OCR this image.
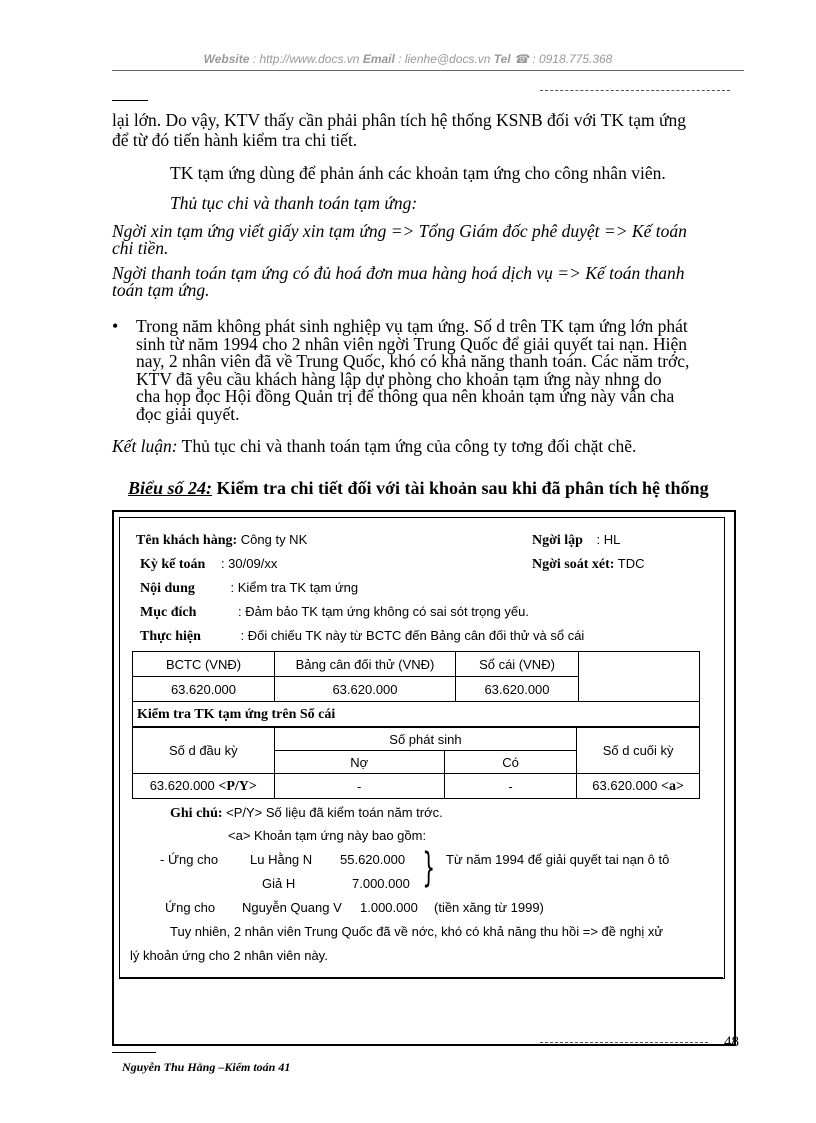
Website : http://www.docs.vn Email : lienhe@docs.vn Tel ☎ : 0918.775.368
lại lớn. Do vậy, KTV thấy cần phải phân tích hệ thống KSNB đối với TK tạm ứng
để từ đó tiến hành kiểm tra chi tiết.
TK tạm ứng dùng để phản ánh các khoản tạm ứng cho công nhân viên.
Thủ tục chi và thanh toán tạm ứng:
Ngời xin tạm ứng viết giấy xin tạm ứng => Tổng Giám đốc phê duyệt => Kế toán
chi tiền.
Ngời thanh toán tạm ứng có đủ hoá đơn mua hàng hoá dịch vụ => Kế toán thanh
toán tạm ứng.
• Trong năm không phát sinh nghiệp vụ tạm ứng. Số d trên TK tạm ứng lớn phát
sinh từ năm 1994 cho 2 nhân viên ngời Trung Quốc để giải quyết tai nạn. Hiện
nay, 2 nhân viên đã về Trung Quốc, khó có khả năng thanh toán. Các năm trớc,
KTV đã yêu cầu khách hàng lập dự phòng cho khoản tạm ứng này nhng do
cha họp đọc Hội đồng Quản trị để thông qua nên khoản tạm ứng này vẫn cha
đọc giải quyết.
Kết luận: Thủ tục chi và thanh toán tạm ứng của công ty tơng đối chặt chẽ.
Biểu số 24: Kiểm tra chi tiết đối với tài khoản sau khi đã phân tích hệ thống
Tên khách hàng: Công ty NK	Ngời lập : HL
Kỳ kế toán : 30/09/xx	Ngời soát xét: TDC
Nội dung : Kiểm tra TK tạm ứng
Mục đích	: Đảm bảo TK tạm ứng không có sai sót trọng yếu.
Thực hiện	: Đối chiếu TK này từ BCTC đến Bảng cân đối thử và sổ cái
BCTC (VNĐ)	Bảng cân đối thử (VNĐ)	Sổ cái (VNĐ)	
63.620.000	63.620.000	63.620.000	
Kiểm tra TK tạm ứng trên Sổ cái			
Số d đầu kỳ	Số phát sinh		Số d cuối kỳ
	Nợ	Có	
63.620.000 <P/Y>	-	-	63.620.000 <a>
Ghi chú: <P/Y> Số liệu đã kiểm toán năm trớc.
<a> Khoản tạm ứng này bao gồm:
- Ứng cho Lu Hằng N 55.620.000
Giả H	7.000.000 } Từ năm 1994 để giải quyết tai nạn ô tô
Ứng cho Nguyễn Quang V 1.000.000 (tiền xăng từ 1999)
Tuy nhiên, 2 nhân viên Trung Quốc đã về nớc, khó có khả năng thu hồi => đề nghị xử
lý khoản ứng cho 2 nhân viên này.
48
Nguyễn Thu Hằng –Kiểm toán 41
